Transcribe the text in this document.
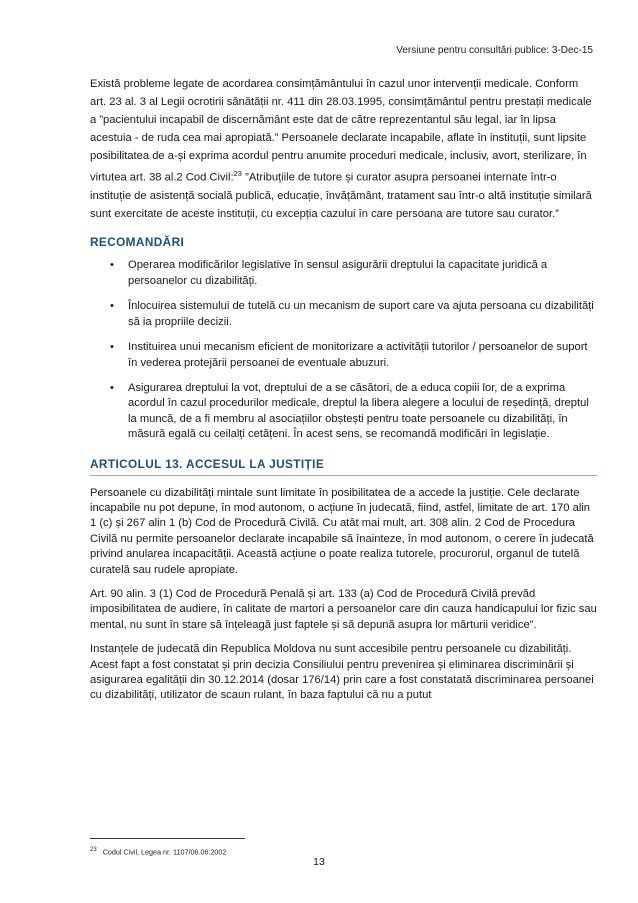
Versiune pentru consultări publice: 3-Dec-15

Există probleme legate de acordarea consimțământului în cazul unor intervenții medicale. Conform art. 23 al. 3 al Legii ocrotirii sănătății nr. 411 din 28.03.1995, consimțământul pentru prestații medicale a ”pacientului incapabil de discernământ este dat de către reprezentantul său legal, iar în lipsa acestuia - de ruda cea mai apropiată.” Persoanele declarate incapabile, aflate în instituții, sunt lipsite posibilitatea de a-și exprima acordul pentru anumite proceduri medicale, inclusiv, avort, sterilizare, în virtutea art. 38 al.2 Cod Civil:$^{23}$ ”Atribuțiile de tutore și curator asupra persoanei internate într-o instituție de asistență socială publică, educație, învățământ, tratament sau într-o altă instituție similară sunt exercitate de aceste instituții, cu excepția cazului în care persoana are tutore sau curator.”

RECOMANDĂRI
• Operarea modificărilor legislative în sensul asigurării dreptului la capacitate juridică a persoanelor cu dizabilități.
• Înlocuirea sistemului de tutelă cu un mecanism de suport care va ajuta persoana cu dizabilități să ia propriile decizii.
• Instituirea unui mecanism eficient de monitorizare a activității tutorilor / persoanelor de suport în vederea protejării persoanei de eventuale abuzuri.
• Asigurarea dreptului la vot, dreptului de a se căsători, de a educa copiii lor, de a exprima acordul în cazul procedurilor medicale, dreptul la libera alegere a locului de reședință, dreptul la muncă, de a fi membru al asociațiilor obștești pentru toate persoanele cu dizabilități, în măsură egală cu ceilalți cetățeni. În acest sens, se recomandă modificări în legislație.
ARTICOLUL 13. ACCESUL LA JUSTIȚIE

Persoanele cu dizabilități mintale sunt limitate în posibilitatea de a accede la justiție. Cele declarate incapabile nu pot depune, în mod autonom, o acțiune în judecată, fiind, astfel, limitate de art. 170 alin 1 (c) și 267 alin 1 (b) Cod de Procedură Civilă. Cu atât mai mult, art. 308 alin. 2 Cod de Procedura Civilă nu permite persoanelor declarate incapabile să înainteze, în mod autonom, o cerere în judecată privind anularea incapacității. Această acțiune o poate realiza tutorele, procurorul, organul de tutelă curatelă sau rudele apropiate.

Art. 90 alin. 3 (1) Cod de Procedură Penală și art. 133 (a) Cod de Procedură Civilă prevăd imposibilitatea de audiere, în calitate de martori a persoanelor care din cauza handicapului lor fizic sau mental, nu sunt în stare să înțeleagă just faptele și să depună asupra lor mărturii veridice”.

Instanțele de judecată din Republica Moldova nu sunt accesibile pentru persoanele cu dizabilități. Acest fapt a fost constatat și prin decizia Consiliului pentru prevenirea și eliminarea discriminării și asigurarea egalității din 30.12.2014 (dosar 176/14) prin care a fost constatată discriminarea persoanei cu dizabilități, utilizator de scaun rulant, în baza faptului că nu a putut

$^{23}$ Codul Civil, Legea nr. 1107/06.06.2002
13
